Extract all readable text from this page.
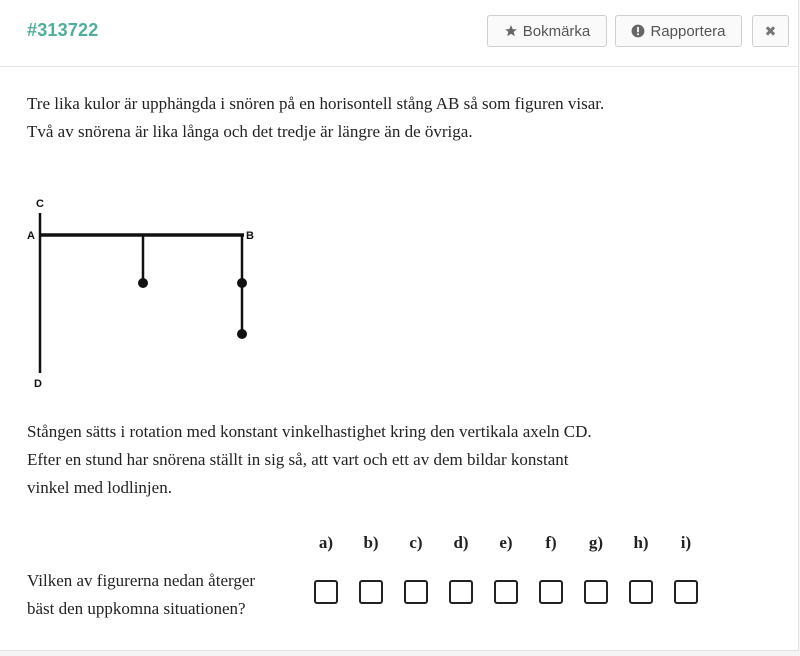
#313722	Bokmärka	Rapportera	✖
Tre lika kulor är upphängda i snören på en horisontell stång AB så som figuren visar.
Två av snörena är lika långa och det tredje är längre än de övriga.
C
A	B
D
Stången sätts i rotation med konstant vinkelhastighet kring den vertikala axeln CD.
Efter en stund har snörena ställt in sig så, att vart och ett av dem bildar konstant
vinkel med lodlinjen.
a) b)	c)	d)	e)	f)	g) h)	i)
Vilken av figurerna nedan återger
bäst den uppkomna situationen?
